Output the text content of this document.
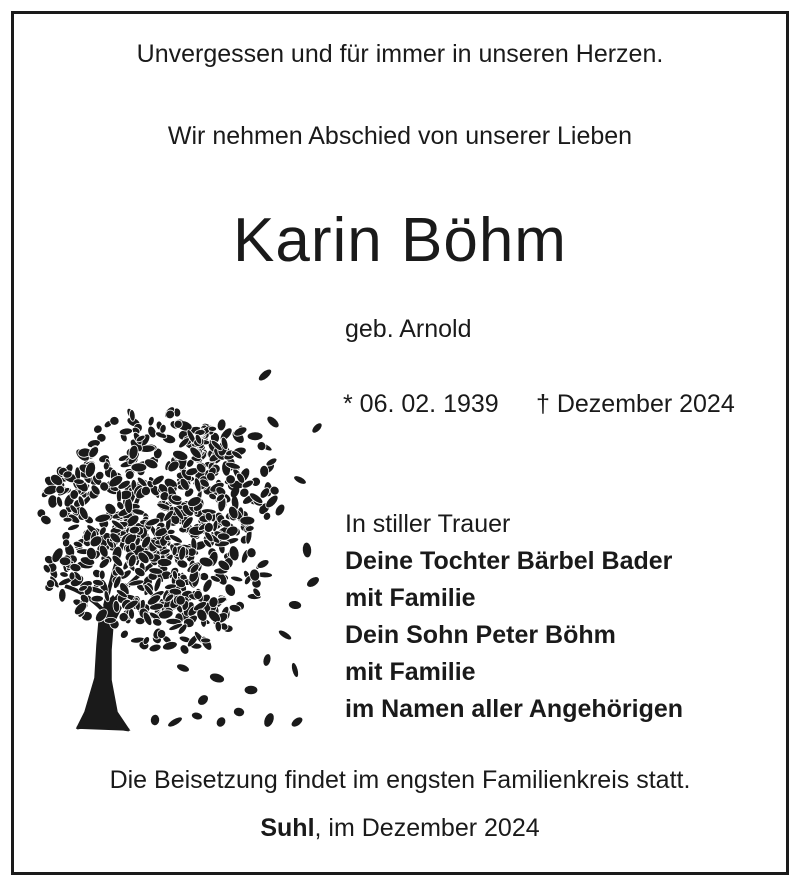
Unvergessen und für immer in unseren Herzen.
Wir nehmen Abschied von unserer Lieben
Karin Böhm
geb. Arnold
* 06. 02. 1939 † Dezember 2024
In stiller Trauer
Deine Tochter Bärbel Bader
mit Familie
Dein Sohn Peter Böhm
mit Familie
im Namen aller Angehörigen
Die Beisetzung findet im engsten Familienkreis statt.
Suhl, im Dezember 2024
